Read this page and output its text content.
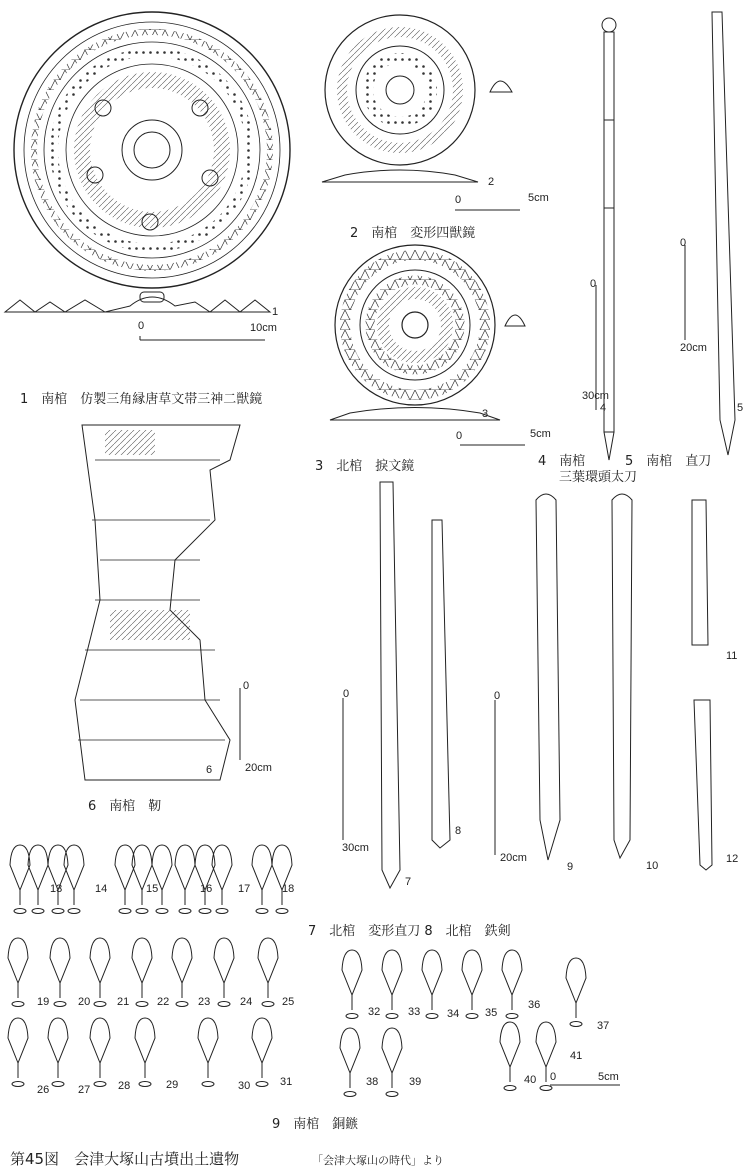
0	10cm
0	5cm
0	5cm
0
30cm
0
20cm
0
20cm
0
30cm
0
20cm
0	5cm
1
2
3	4	5
6
7
8
9	10
11
12
13	14	15	16 17	18
19	20 21	22	23	24	25
26	27	28	29	30	31
32	33 34 35
36
37
38	39	40
41
1　南棺　仿製三角縁唐草文帯三神二獣鏡
2　南棺　変形四獣鏡
3　北棺　捩文鏡	4　南棺
三葉環頭太刀
5　南棺　直刀
6　南棺　靭
7　北棺　変形直刀 8　北棺　鉄剣
9　南棺　銅鏃
第45図　会津大塚山古墳出土遺物	「会津大塚山の時代」より
